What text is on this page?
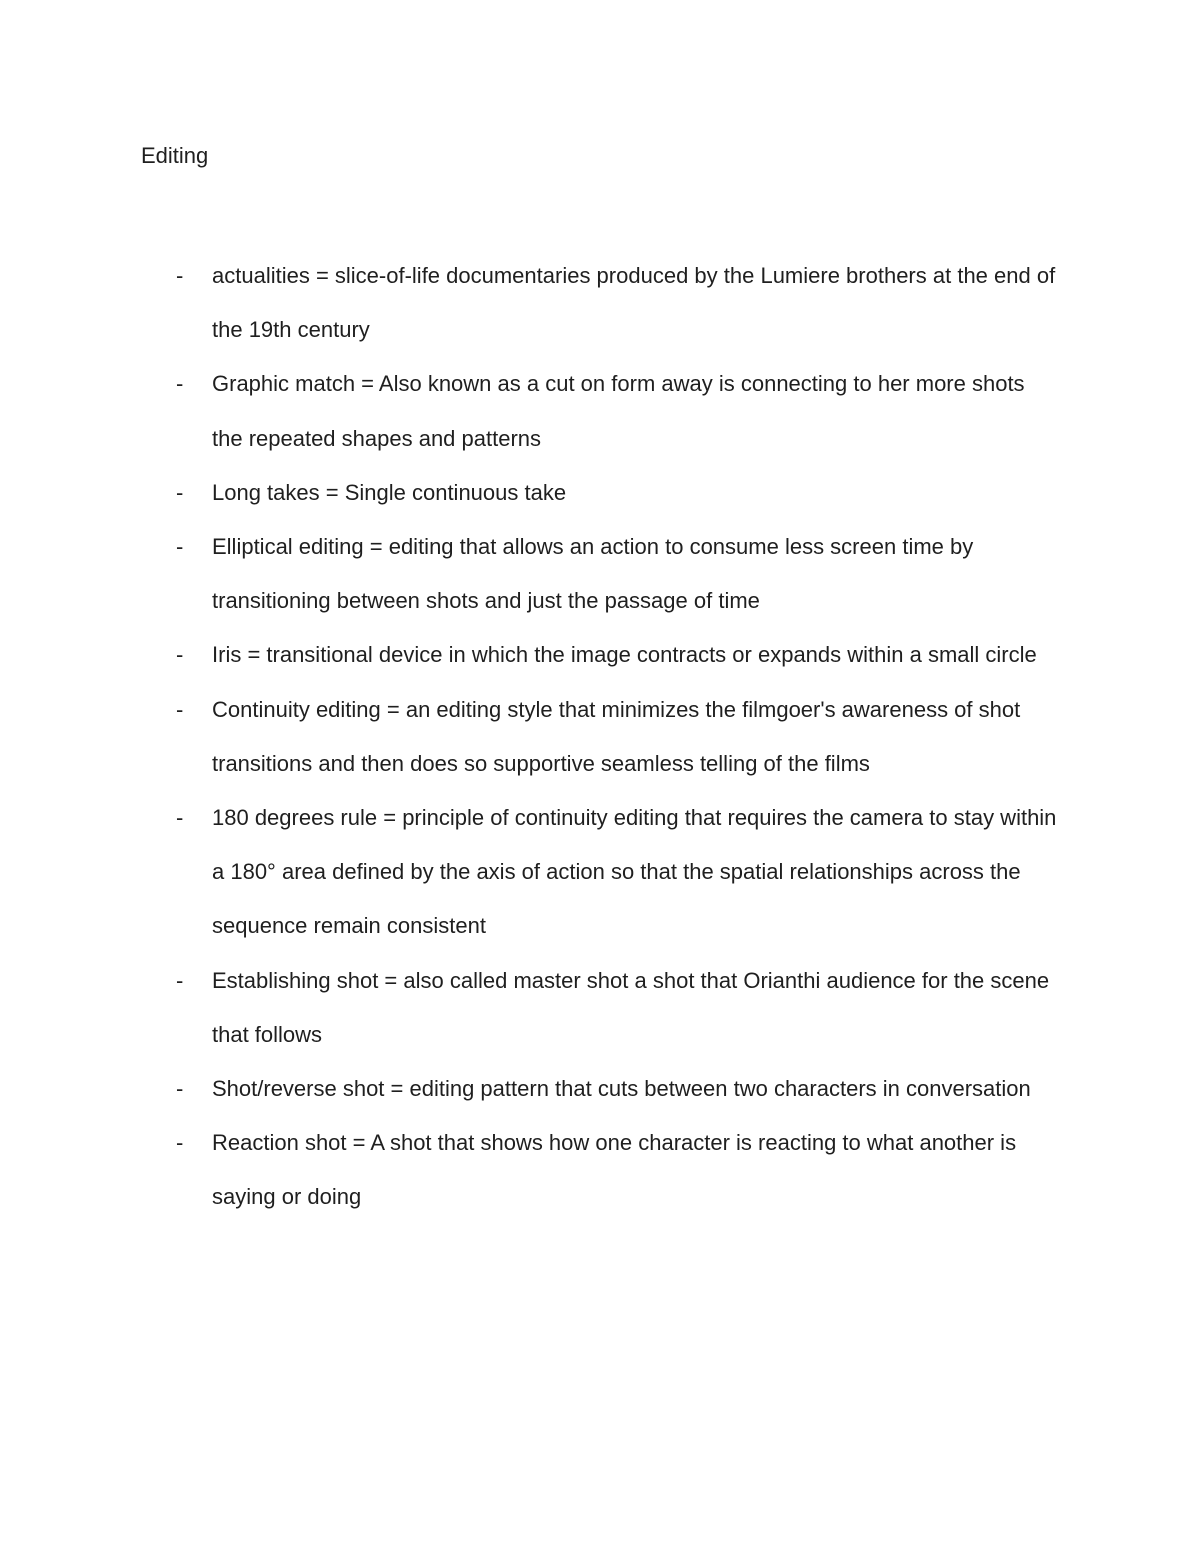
Editing
- actualities = slice-of-life documentaries produced by the Lumiere brothers at the end of the 19th century
- Graphic match = Also known as a cut on form away is connecting to her more shots the repeated shapes and patterns
- Long takes = Single continuous take
- Elliptical editing = editing that allows an action to consume less screen time by transitioning between shots and just the passage of time
- Iris = transitional device in which the image contracts or expands within a small circle
- Continuity editing = an editing style that minimizes the filmgoer's awareness of shot transitions and then does so supportive seamless telling of the films
- 180 degrees rule = principle of continuity editing that requires the camera to stay within a 180° area defined by the axis of action so that the spatial relationships across the sequence remain consistent
- Establishing shot = also called master shot a shot that Orianthi audience for the scene that follows
- Shot/reverse shot = editing pattern that cuts between two characters in conversation
- Reaction shot = A shot that shows how one character is reacting to what another is saying or doing
